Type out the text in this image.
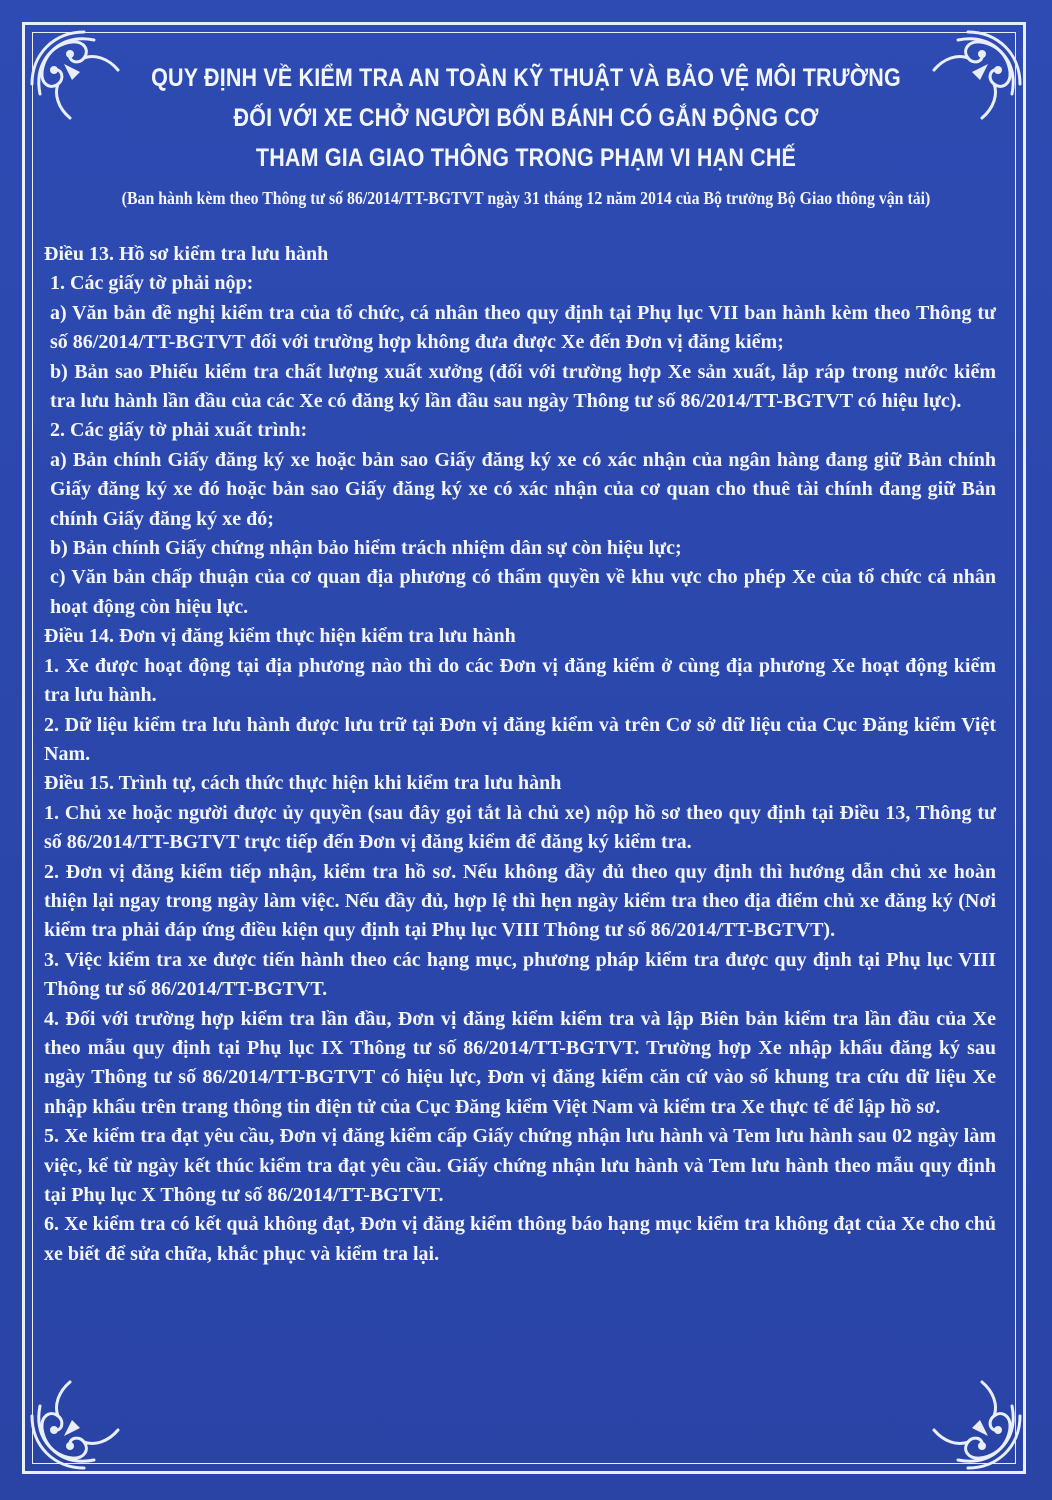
QUY ĐỊNH VỀ KIỂM TRA AN TOÀN KỸ THUẬT VÀ BẢO VỆ MÔI TRƯỜNG
ĐỐI VỚI XE CHỞ NGƯỜI BỐN BÁNH CÓ GẮN ĐỘNG CƠ
THAM GIA GIAO THÔNG TRONG PHẠM VI HẠN CHẾ
(Ban hành kèm theo Thông tư số 86/2014/TT-BGTVT ngày 31 tháng 12 năm 2014 của Bộ trưởng Bộ Giao thông vận tải)

Điều 13. Hồ sơ kiểm tra lưu hành

1. Các giấy tờ phải nộp:

a) Văn bản đề nghị kiểm tra của tổ chức, cá nhân theo quy định tại Phụ lục VII ban hành kèm theo Thông tư số 86/2014/TT-BGTVT đối với trường hợp không đưa được Xe đến Đơn vị đăng kiểm;

b) Bản sao Phiếu kiểm tra chất lượng xuất xưởng (đối với trường hợp Xe sản xuất, lắp ráp trong nước kiểm tra lưu hành lần đầu của các Xe có đăng ký lần đầu sau ngày Thông tư số 86/2014/TT-BGTVT có hiệu lực).

2. Các giấy tờ phải xuất trình:

a) Bản chính Giấy đăng ký xe hoặc bản sao Giấy đăng ký xe có xác nhận của ngân hàng đang giữ Bản chính Giấy đăng ký xe đó hoặc bản sao Giấy đăng ký xe có xác nhận của cơ quan cho thuê tài chính đang giữ Bản chính Giấy đăng ký xe đó;

b) Bản chính Giấy chứng nhận bảo hiểm trách nhiệm dân sự còn hiệu lực;

c) Văn bản chấp thuận của cơ quan địa phương có thẩm quyền về khu vực cho phép Xe của tổ chức cá nhân hoạt động còn hiệu lực.

Điều 14. Đơn vị đăng kiểm thực hiện kiểm tra lưu hành

1. Xe được hoạt động tại địa phương nào thì do các Đơn vị đăng kiểm ở cùng địa phương Xe hoạt động kiểm tra lưu hành.

2. Dữ liệu kiểm tra lưu hành được lưu trữ tại Đơn vị đăng kiểm và trên Cơ sở dữ liệu của Cục Đăng kiểm Việt Nam.

Điều 15. Trình tự, cách thức thực hiện khi kiểm tra lưu hành

1. Chủ xe hoặc người được ủy quyền (sau đây gọi tắt là chủ xe) nộp hồ sơ theo quy định tại Điều 13, Thông tư số 86/2014/TT-BGTVT trực tiếp đến Đơn vị đăng kiểm để đăng ký kiểm tra.

2. Đơn vị đăng kiểm tiếp nhận, kiểm tra hồ sơ. Nếu không đầy đủ theo quy định thì hướng dẫn chủ xe hoàn thiện lại ngay trong ngày làm việc. Nếu đầy đủ, hợp lệ thì hẹn ngày kiểm tra theo địa điểm chủ xe đăng ký (Nơi kiểm tra phải đáp ứng điều kiện quy định tại Phụ lục VIII Thông tư số 86/2014/TT-BGTVT).

3. Việc kiểm tra xe được tiến hành theo các hạng mục, phương pháp kiểm tra được quy định tại Phụ lục VIII Thông tư số 86/2014/TT-BGTVT.

4. Đối với trường hợp kiểm tra lần đầu, Đơn vị đăng kiểm kiểm tra và lập Biên bản kiểm tra lần đầu của Xe theo mẫu quy định tại Phụ lục IX Thông tư số 86/2014/TT-BGTVT. Trường hợp Xe nhập khẩu đăng ký sau ngày Thông tư số 86/2014/TT-BGTVT có hiệu lực, Đơn vị đăng kiểm căn cứ vào số khung tra cứu dữ liệu Xe nhập khẩu trên trang thông tin điện tử của Cục Đăng kiểm Việt Nam và kiểm tra Xe thực tế để lập hồ sơ.

5. Xe kiểm tra đạt yêu cầu, Đơn vị đăng kiểm cấp Giấy chứng nhận lưu hành và Tem lưu hành sau 02 ngày làm việc, kể từ ngày kết thúc kiểm tra đạt yêu cầu. Giấy chứng nhận lưu hành và Tem lưu hành theo mẫu quy định tại Phụ lục X Thông tư số 86/2014/TT-BGTVT.

6. Xe kiểm tra có kết quả không đạt, Đơn vị đăng kiểm thông báo hạng mục kiểm tra không đạt của Xe cho chủ xe biết để sửa chữa, khắc phục và kiểm tra lại.
